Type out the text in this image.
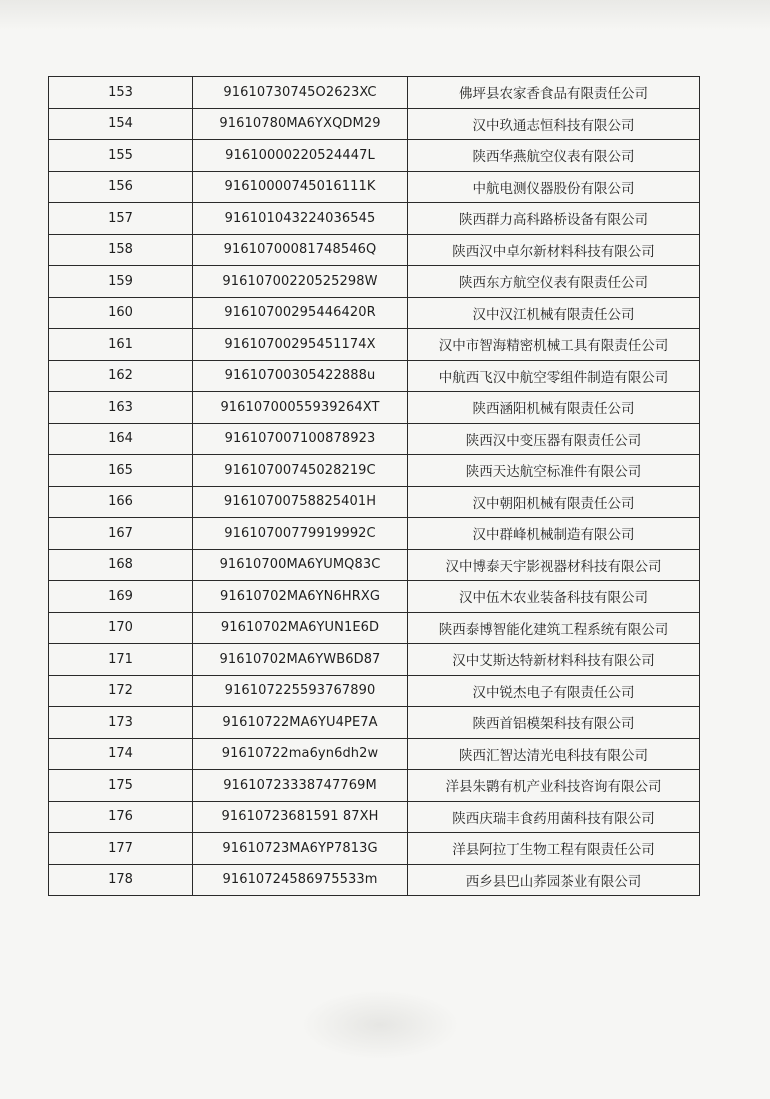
153	91610730745O2623XC	佛坪县农家香食品有限责任公司
154	91610780MA6YXQDM29	汉中玖通志恒科技有限公司
155	91610000220524447L	陕西华燕航空仪表有限公司
156	91610000745016111K	中航电测仪器股份有限公司
157	916101043224036545	陕西群力高科路桥设备有限公司
158	91610700081748546Q	陕西汉中卓尔新材料科技有限公司
159	91610700220525298W	陕西东方航空仪表有限责任公司
160	91610700295446420R	汉中汉江机械有限责任公司
161	91610700295451174X	汉中市智海精密机械工具有限责任公司
162	91610700305422888u	中航西飞汉中航空零组件制造有限公司
163	91610700055939264XT	陕西涵阳机械有限责任公司
164	916107007100878923	陕西汉中变压器有限责任公司
165	91610700745028219C	陕西天达航空标准件有限公司
166	91610700758825401H	汉中朝阳机械有限责任公司
167	91610700779919992C	汉中群峰机械制造有限公司
168	91610700MA6YUMQ83C	汉中博泰天宇影视器材科技有限公司
169	91610702MA6YN6HRXG	汉中伍木农业装备科技有限公司
170	91610702MA6YUN1E6D	陕西泰博智能化建筑工程系统有限公司
171	91610702MA6YWB6D87	汉中艾斯达特新材料科技有限公司
172	916107225593767890	汉中锐杰电子有限责任公司
173	91610722MA6YU4PE7A	陕西首铝模架科技有限公司
174	91610722ma6yn6dh2w	陕西汇智达清光电科技有限公司
175	91610723338747769M	洋县朱鹮有机产业科技咨询有限公司
176	91610723681591 87XH	陕西庆瑞丰食药用菌科技有限公司
177	91610723MA6YP7813G	洋县阿拉丁生物工程有限责任公司
178	91610724586975533m	西乡县巴山荞园茶业有限公司
